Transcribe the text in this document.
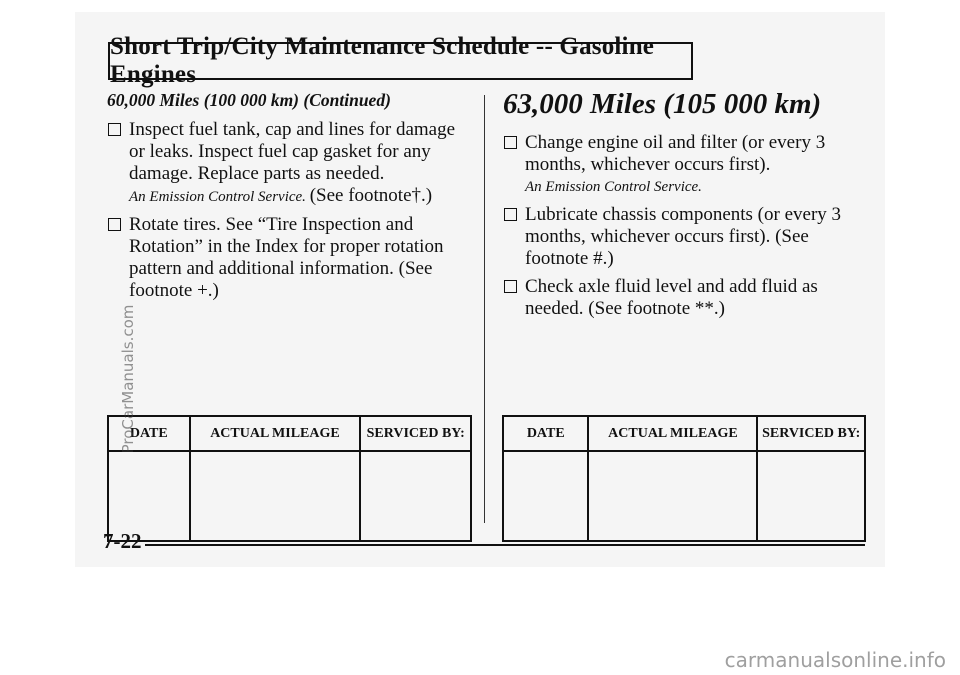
Short Trip/City Maintenance Schedule -- Gasoline Engines
60,000 Miles (100 000 km) (Continued)	63,000 Miles (105 000 km)
Inspect fuel tank, cap and lines for damage or leaks. Inspect fuel cap gasket for any damage. Replace parts as needed.
An Emission Control Service. (See footnote†.)
Rotate tires. See “Tire Inspection and Rotation” in the Index for proper rotation pattern and additional information. (See footnote +.)
Change engine oil and filter (or every 3 months, whichever occurs first).
An Emission Control Service.
Lubricate chassis components (or every 3 months, whichever occurs first). (See footnote #.)
Check axle fluid level and add fluid as needed. (See footnote **.)
DATE	ACTUAL MILEAGE	SERVICED BY:
			DATE	ACTUAL MILEAGE	SERVICED BY:

7-22
ProCarManuals.com
carmanualsonline.info
